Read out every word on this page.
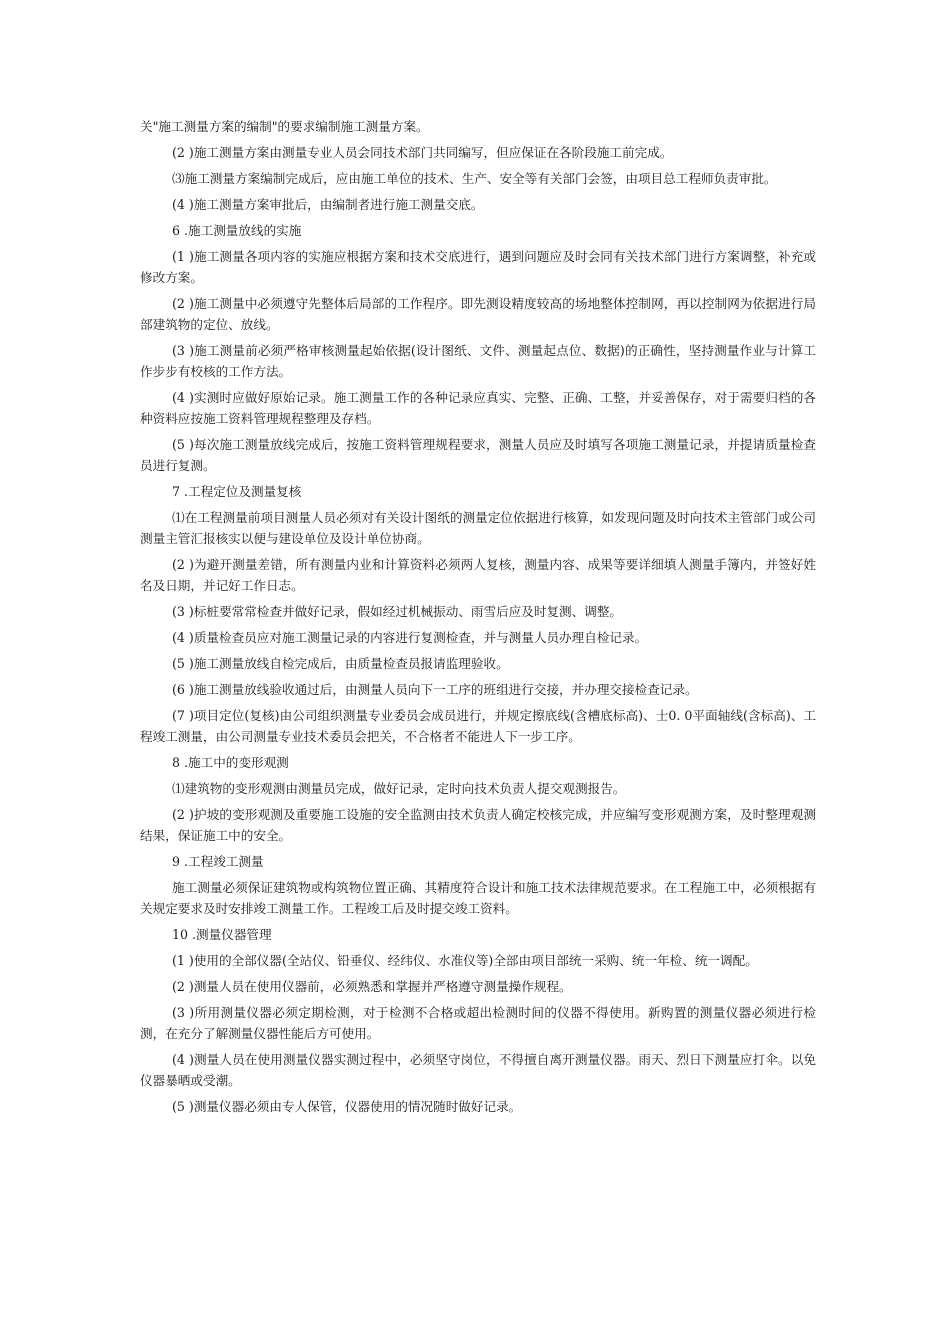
关"施工测量方案的编制"的要求编制施工测量方案。

(2 )施工测量方案由测量专业人员会同技术部门共同编写，但应保证在各阶段施工前完成。

⑶施工测量方案编制完成后，应由施工单位的技术、生产、安全等有关部门会签，由项目总工程师负责审批。

(4 )施工测量方案审批后，由编制者进行施工测量交底。

6 .施工测量放线的实施

(1 )施工测量各项内容的实施应根据方案和技术交底进行，遇到问题应及时会同有关技术部门进行方案调整，补充或修改方案。

(2 )施工测量中必须遵守先整体后局部的工作程序。即先测设精度较高的场地整体控制网，再以控制网为依据进行局部建筑物的定位、放线。

(3 )施工测量前必须严格审核测量起始依据(设计图纸、文件、测量起点位、数据)的正确性，坚持测量作业与计算工作步步有校核的工作方法。

(4 )实测时应做好原始记录。施工测量工作的各种记录应真实、完整、正确、工整，并妥善保存，对于需要归档的各种资料应按施工资料管理规程整理及存档。

(5 )每次施工测量放线完成后，按施工资料管理规程要求，测量人员应及时填写各项施工测量记录，并提请质量检查员进行复测。

7 .工程定位及测量复核

⑴在工程测量前项目测量人员必须对有关设计图纸的测量定位依据进行核算，如发现问题及时向技术主管部门或公司测量主管汇报核实以便与建设单位及设计单位协商。

(2 )为避开测量差错，所有测量内业和计算资料必须两人复核，测量内容、成果等要详细填人测量手簿内，并签好姓名及日期，并记好工作日志。

(3 )标桩要常常检查并做好记录，假如经过机械振动、雨雪后应及时复测、调整。

(4 )质量检查员应对施工测量记录的内容进行复测检查，并与测量人员办理自检记录。

(5 )施工测量放线自检完成后，由质量检查员报请监理验收。

(6 )施工测量放线验收通过后，由测量人员向下一工序的班组进行交接，并办理交接检查记录。

(7 )项目定位(复核)由公司组织测量专业委员会成员进行，并规定擦底线(含槽底标高)、士0. 0平面轴线(含标高)、工程竣工测量，由公司测量专业技术委员会把关，不合格者不能进人下一步工序。

8 .施工中的变形观测

⑴建筑物的变形观测由测量员完成，做好记录，定时向技术负责人提交观测报告。

(2 )护坡的变形观测及重要施工设施的安全监测由技术负责人确定校核完成，并应编写变形观测方案，及时整理观测结果，保证施工中的安全。

9 .工程竣工测量

施工测量必须保证建筑物或构筑物位置正确、其精度符合设计和施工技术法律规范要求。在工程施工中，必须根据有关规定要求及时安排竣工测量工作。工程竣工后及时提交竣工资料。

10 .测量仪器管理

(1 )使用的全部仪器(全站仪、铅垂仪、经纬仪、水准仪等)全部由项目部统一采购、统一年检、统一调配。

(2 )测量人员在使用仪器前，必须熟悉和掌握并严格遵守测量操作规程。

(3 )所用测量仪器必须定期检测，对于检测不合格或超出检测时间的仪器不得使用。新购置的测量仪器必须进行检测，在充分了解测量仪器性能后方可使用。

(4 )测量人员在使用测量仪器实测过程中，必须坚守岗位，不得擅自离开测量仪器。雨天、烈日下测量应打伞。以免仪器暴晒或受潮。

(5 )测量仪器必须由专人保管，仪器使用的情况随时做好记录。
